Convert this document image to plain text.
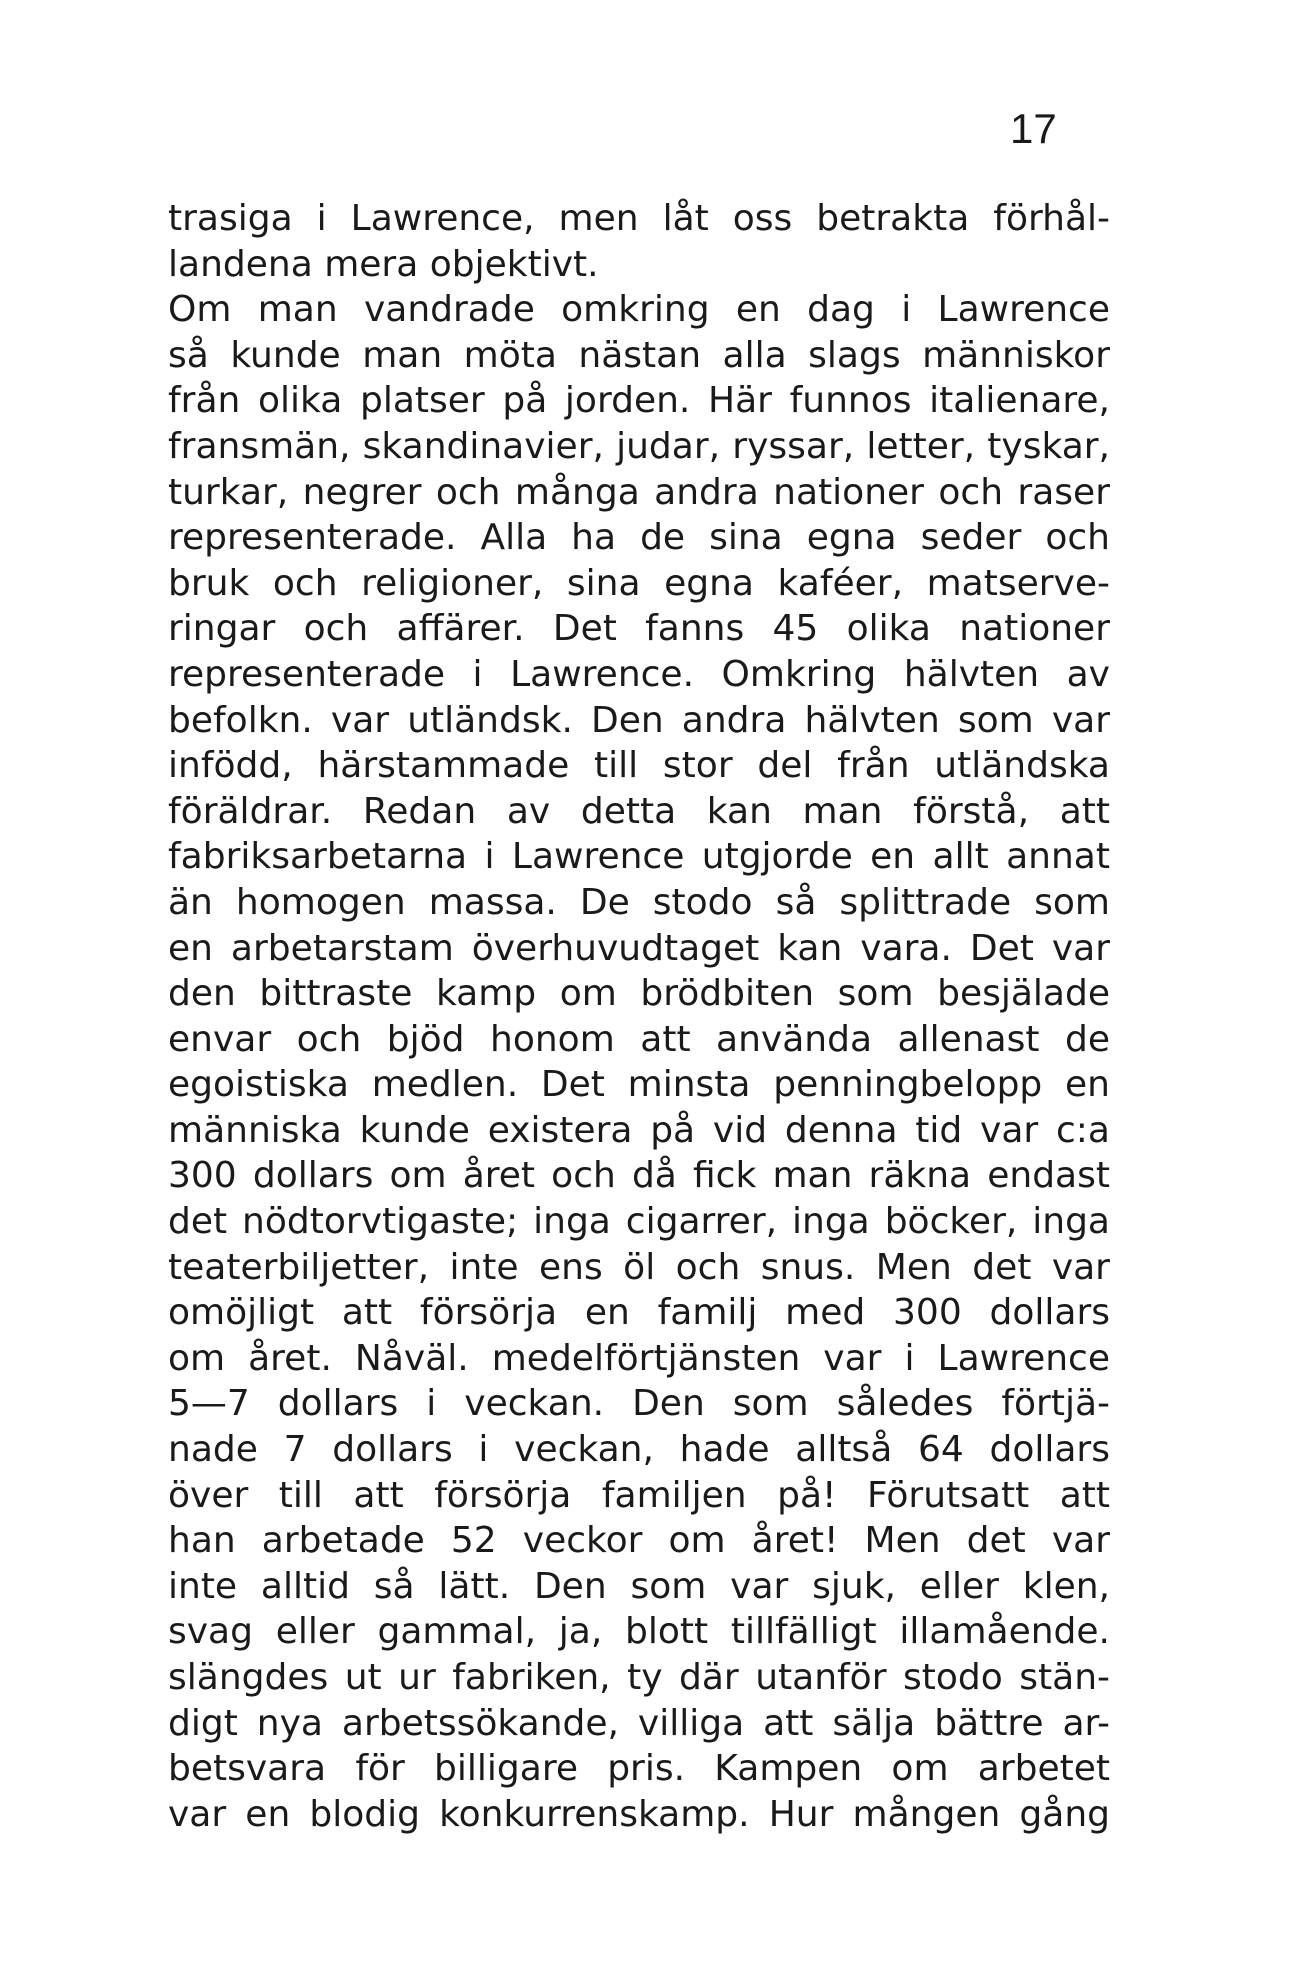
17
trasiga i Lawrence, men låt oss betrakta förhål-
landena mera objektivt.
Om man vandrade omkring en dag i Lawrence
så kunde man möta nästan alla slags människor
från olika platser på jorden. Här funnos italienare,
fransmän, skandinavier, judar, ryssar, letter, tyskar,
turkar, negrer och många andra nationer och raser
representerade. Alla ha de sina egna seder och
bruk och religioner, sina egna kaféer, matserve-
ringar och affärer. Det fanns 45 olika nationer
representerade i Lawrence. Omkring hälvten av
befolkn. var utländsk. Den andra hälvten som var
infödd, härstammade till stor del från utländska
föräldrar. Redan av detta kan man förstå, att
fabriksarbetarna i Lawrence utgjorde en allt annat
än homogen massa. De stodo så splittrade som
en arbetarstam överhuvudtaget kan vara. Det var
den bittraste kamp om brödbiten som besjälade
envar och bjöd honom att använda allenast de
egoistiska medlen. Det minsta penningbelopp en
människa kunde existera på vid denna tid var c:a
300 dollars om året och då fick man räkna endast
det nödtorvtigaste; inga cigarrer, inga böcker, inga
teaterbiljetter, inte ens öl och snus. Men det var
omöjligt att försörja en familj med 300 dollars
om året. Nåväl. medelförtjänsten var i Lawrence
5—7 dollars i veckan. Den som således förtjä-
nade 7 dollars i veckan, hade alltså 64 dollars
över till att försörja familjen på! Förutsatt att
han arbetade 52 veckor om året! Men det var
inte alltid så lätt. Den som var sjuk, eller klen,
svag eller gammal, ja, blott tillfälligt illamående.
slängdes ut ur fabriken, ty där utanför stodo stän-
digt nya arbetssökande, villiga att sälja bättre ar-
betsvara för billigare pris. Kampen om arbetet
var en blodig konkurrenskamp. Hur mången gång
